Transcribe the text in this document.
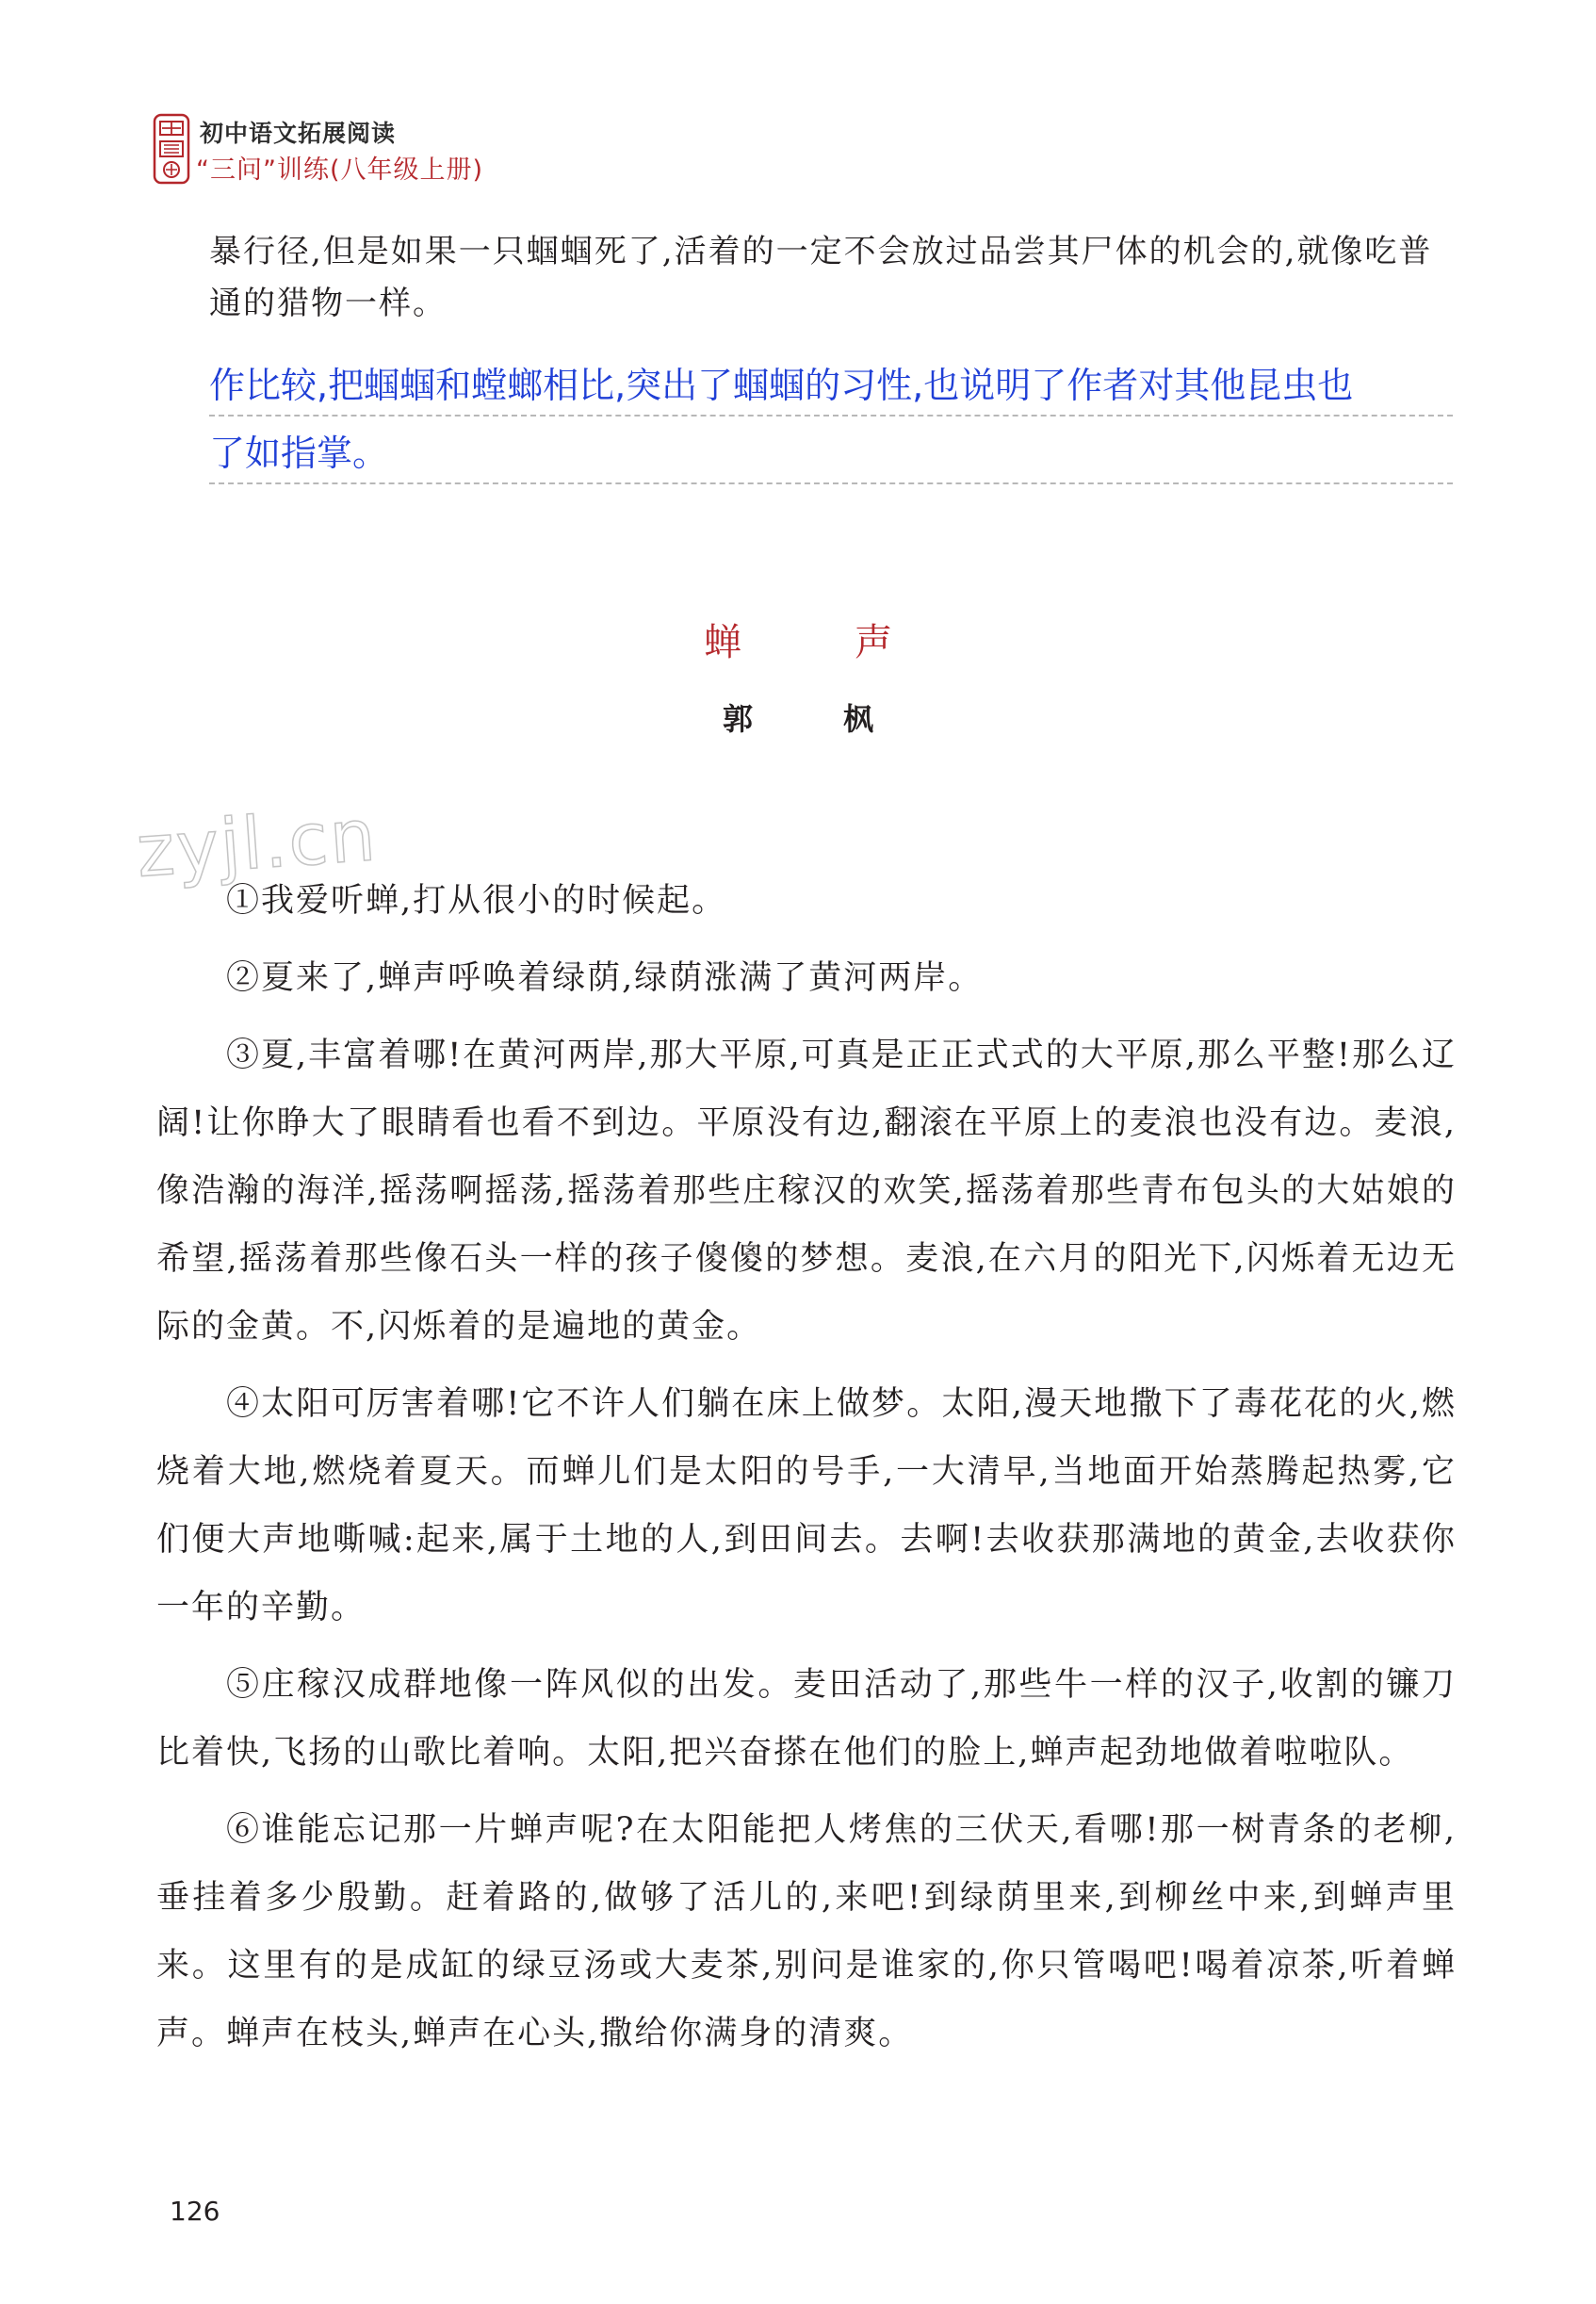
初中语文拓展阅读
“三问”训练(八年级上册)
暴行径,但是如果一只蝈蝈死了,活着的一定不会放过品尝其尸体的机会的,就像吃普通的猎物一样。
作比较,把蝈蝈和螳螂相比,突出了蝈蝈的习性,也说明了作者对其他昆虫也
了如指掌。
蝉　声
郭　枫
zyjl.cn

①我爱听蝉,打从很小的时候起。

②夏来了,蝉声呼唤着绿荫,绿荫涨满了黄河两岸。

③夏,丰富着哪!在黄河两岸,那大平原,可真是正正式式的大平原,那么平整!那么辽阔!让你睁大了眼睛看也看不到边。平原没有边,翻滚在平原上的麦浪也没有边。麦浪,像浩瀚的海洋,摇荡啊摇荡,摇荡着那些庄稼汉的欢笑,摇荡着那些青布包头的大姑娘的希望,摇荡着那些像石头一样的孩子傻傻的梦想。麦浪,在六月的阳光下,闪烁着无边无际的金黄。不,闪烁着的是遍地的黄金。

④太阳可厉害着哪!它不许人们躺在床上做梦。太阳,漫天地撒下了毒花花的火,燃烧着大地,燃烧着夏天。而蝉儿们是太阳的号手,一大清早,当地面开始蒸腾起热雾,它们便大声地嘶喊:起来,属于土地的人,到田间去。去啊!去收获那满地的黄金,去收获你一年的辛勤。

⑤庄稼汉成群地像一阵风似的出发。麦田活动了,那些牛一样的汉子,收割的镰刀比着快,飞扬的山歌比着响。太阳,把兴奋搽在他们的脸上,蝉声起劲地做着啦啦队。

⑥谁能忘记那一片蝉声呢?在太阳能把人烤焦的三伏天,看哪!那一树青条的老柳,垂挂着多少殷勤。赶着路的,做够了活儿的,来吧!到绿荫里来,到柳丝中来,到蝉声里来。这里有的是成缸的绿豆汤或大麦茶,别问是谁家的,你只管喝吧!喝着凉茶,听着蝉声。蝉声在枝头,蝉声在心头,撒给你满身的清爽。

126
